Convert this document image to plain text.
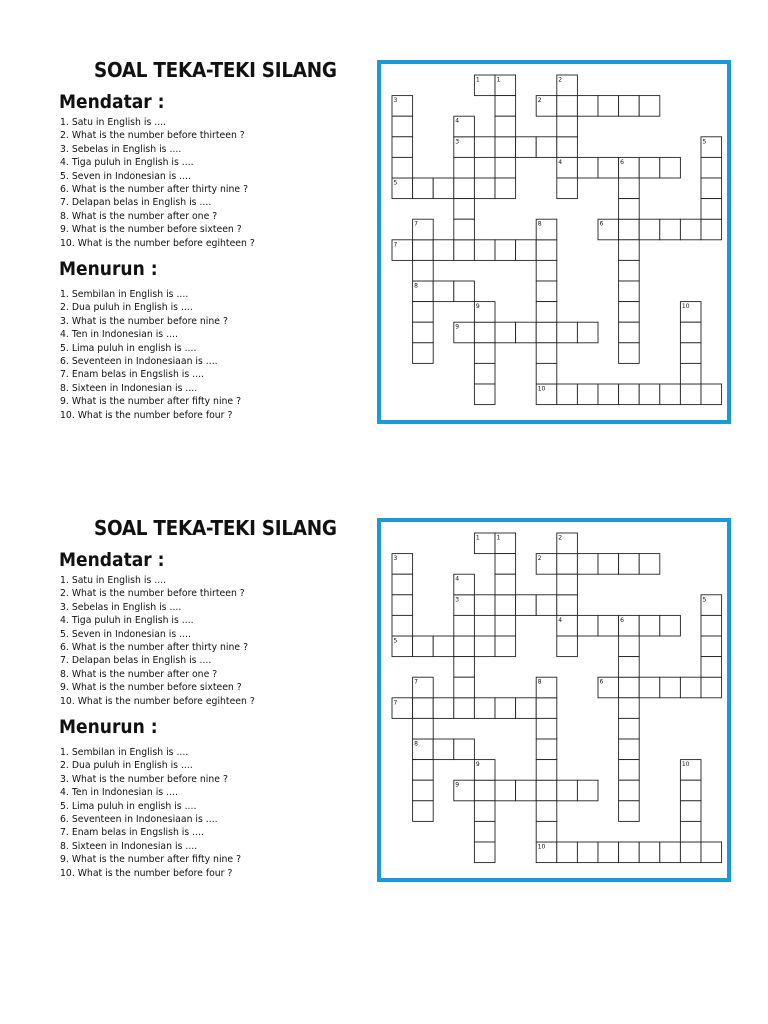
SOAL TEKA-TEKI SILANG
Mendatar :
1. Satu in English is ....
2. What is the number before thirteen ?
3. Sebelas in English is ....
4. Tiga puluh in English is ....
5. Seven in Indonesian is ....
6. What is the number after thirty nine ?
7. Delapan belas in English is ....
8. What is the number after one ?
9. What is the number before sixteen ?
10. What is the number before egihteen ?
Menurun :
1. Sembilan in English is ....
2. Dua puluh in English is ....
3. What is the number before nine ?
4. Ten in Indonesian is ....
5. Lima puluh in english is ....
6. Seventeen in Indonesiaan is ....
7. Enam belas in Engslish is ....
8. Sixteen in Indonesian is ....
9. What is the number after fifty nine ?
10. What is the number before four ?
1
2
3
4
5
6
7
8
9
10
1	2
3
4
5
6
7	8
9	10
SOAL TEKA-TEKI SILANG
Mendatar :
1. Satu in English is ....
2. What is the number before thirteen ?
3. Sebelas in English is ....
4. Tiga puluh in English is ....
5. Seven in Indonesian is ....
6. What is the number after thirty nine ?
7. Delapan belas in English is ....
8. What is the number after one ?
9. What is the number before sixteen ?
10. What is the number before egihteen ?
Menurun :
1. Sembilan in English is ....
2. Dua puluh in English is ....
3. What is the number before nine ?
4. Ten in Indonesian is ....
5. Lima puluh in english is ....
6. Seventeen in Indonesiaan is ....
7. Enam belas in Engslish is ....
8. Sixteen in Indonesian is ....
9. What is the number after fifty nine ?
10. What is the number before four ?
1
2
3
4
5
6
7
8
9
10
1	2
3
4
5
6
7	8
9	10
